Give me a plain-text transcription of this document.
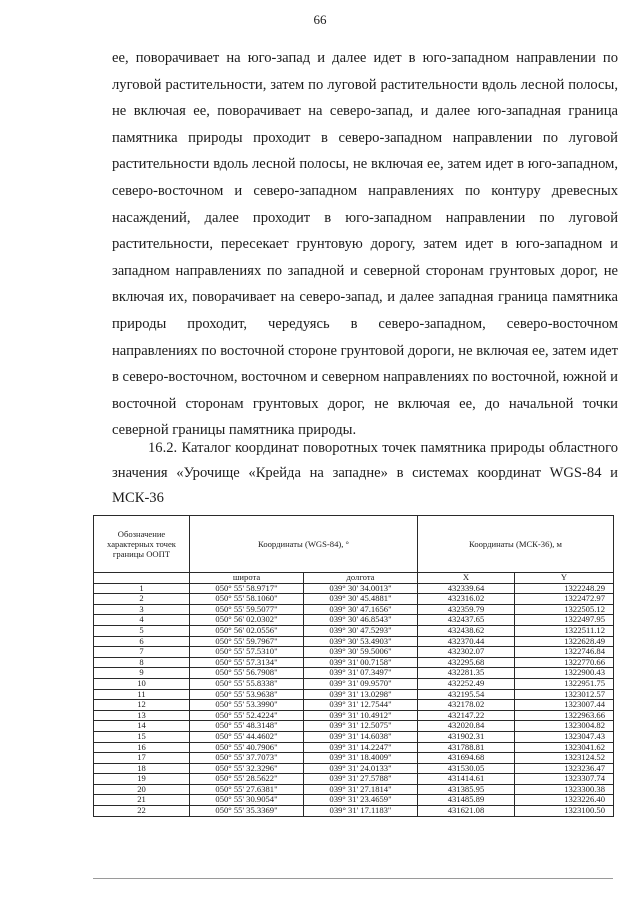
66

ее, поворачивает на юго-запад и далее идет в юго-западном направлении по луговой растительности, затем по луговой растительности вдоль лесной полосы, не включая ее, поворачивает на северо-запад, и далее юго-западная граница памятника природы проходит в северо-западном направлении по луговой растительности вдоль лесной полосы, не включая ее, затем идет в юго-западном, северо-восточном и северо-западном направлениях по контуру древесных насаждений, далее проходит в юго-западном направлении по луговой растительности, пересекает грунтовую дорогу, затем идет в юго-западном и западном направлениях по западной и северной сторонам грунтовых дорог, не включая их, поворачивает на северо-запад, и далее западная граница памятника природы проходит, чередуясь в северо-западном, северо-восточном направлениях по восточной стороне грунтовой дороги, не включая ее, затем идет в северо-восточном, восточном и северном направлениях по восточной, южной и восточной сторонам грунтовых дорог, не включая ее, до начальной точки северной границы памятника природы.

16.2. Каталог координат поворотных точек памятника природы областного значения «Урочище «Крейда на западне» в системах координат WGS-84 и МСК-36
Обозначение характерных точек границы ООПТ	Координаты (WGS-84), °		Координаты (МСК-36), м	
	широта	долгота	X	Y
1	050° 55' 58.9717"	039° 30' 34.0013"	432339.64	1322248.29
2	050° 55' 58.1060"	039° 30' 45.4881"	432316.02	1322472.97
3	050° 55' 59.5077"	039° 30' 47.1656"	432359.79	1322505.12
4	050° 56' 02.0302"	039° 30' 46.8543"	432437.65	1322497.95
5	050° 56' 02.0556"	039° 30' 47.5293"	432438.62	1322511.12
6	050° 55' 59.7967"	039° 30' 53.4903"	432370.44	1322628.49
7	050° 55' 57.5310"	039° 30' 59.5006"	432302.07	1322746.84
8	050° 55' 57.3134"	039° 31' 00.7158"	432295.68	1322770.66
9	050° 55' 56.7908"	039° 31' 07.3497"	432281.35	1322900.43
10	050° 55' 55.8338"	039° 31' 09.9570"	432252.49	1322951.75
11	050° 55' 53.9638"	039° 31' 13.0298"	432195.54	1323012.57
12	050° 55' 53.3990"	039° 31' 12.7544"	432178.02	1323007.44
13	050° 55' 52.4224"	039° 31' 10.4912"	432147.22	1322963.66
14	050° 55' 48.3148"	039° 31' 12.5075"	432020.84	1323004.82
15	050° 55' 44.4602"	039° 31' 14.6038"	431902.31	1323047.43
16	050° 55' 40.7906"	039° 31' 14.2247"	431788.81	1323041.62
17	050° 55' 37.7073"	039° 31' 18.4009"	431694.68	1323124.52
18	050° 55' 32.3296"	039° 31' 24.0133"	431530.05	1323236.47
19	050° 55' 28.5622"	039° 31' 27.5788"	431414.61	1323307.74
20	050° 55' 27.6381"	039° 31' 27.1814"	431385.95	1323300.38
21	050° 55' 30.9054"	039° 31' 23.4659"	431485.89	1323226.40
22	050° 55' 35.3369"	039° 31' 17.1183"	431621.08	1323100.50
